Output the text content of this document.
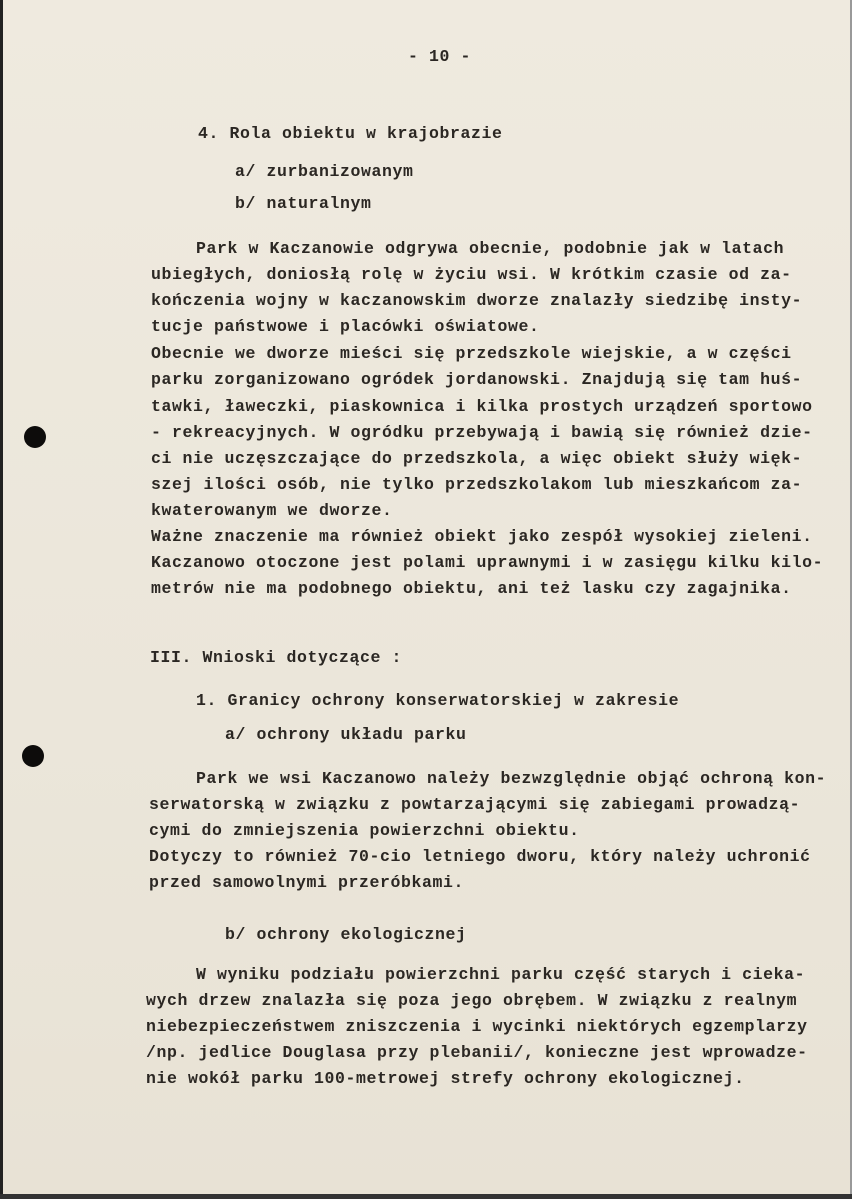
- 10 -
4. Rola obiektu w krajobrazie
a/ zurbanizowanym
b/ naturalnym
Park w Kaczanowie odgrywa obecnie, podobnie jak w latach
ubiegłych, doniosłą rolę w życiu wsi. W krótkim czasie od za-
kończenia wojny w kaczanowskim dworze znalazły siedzibę insty-
tucje państwowe i placówki oświatowe.
Obecnie we dworze mieści się przedszkole wiejskie, a w części
parku zorganizowano ogródek jordanowski. Znajdują się tam huś-
tawki, ławeczki, piaskownica i kilka prostych urządzeń sportowo
- rekreacyjnych. W ogródku przebywają i bawią się również dzie-
ci nie uczęszczające do przedszkola, a więc obiekt służy więk-
szej ilości osób, nie tylko przedszkolakom lub mieszkańcom za-
kwaterowanym we dworze.
Ważne znaczenie ma również obiekt jako zespół wysokiej zieleni.
Kaczanowo otoczone jest polami uprawnymi i w zasięgu kilku kilo-
metrów nie ma podobnego obiektu, ani też lasku czy zagajnika.
III. Wnioski dotyczące :
1. Granicy ochrony konserwatorskiej w zakresie
a/ ochrony układu parku
Park we wsi Kaczanowo należy bezwzględnie objąć ochroną kon-
serwatorską w związku z powtarzającymi się zabiegami prowadzą-
cymi do zmniejszenia powierzchni obiektu.
Dotyczy to również 70-cio letniego dworu, który należy uchronić
przed samowolnymi przeróbkami.
b/ ochrony ekologicznej
W wyniku podziału powierzchni parku część starych i cieka-
wych drzew znalazła się poza jego obrębem. W związku z realnym
niebezpieczeństwem zniszczenia i wycinki niektórych egzemplarzy
/np. jedlice Douglasa przy plebanii/, konieczne jest wprowadze-
nie wokół parku 100-metrowej strefy ochrony ekologicznej.
